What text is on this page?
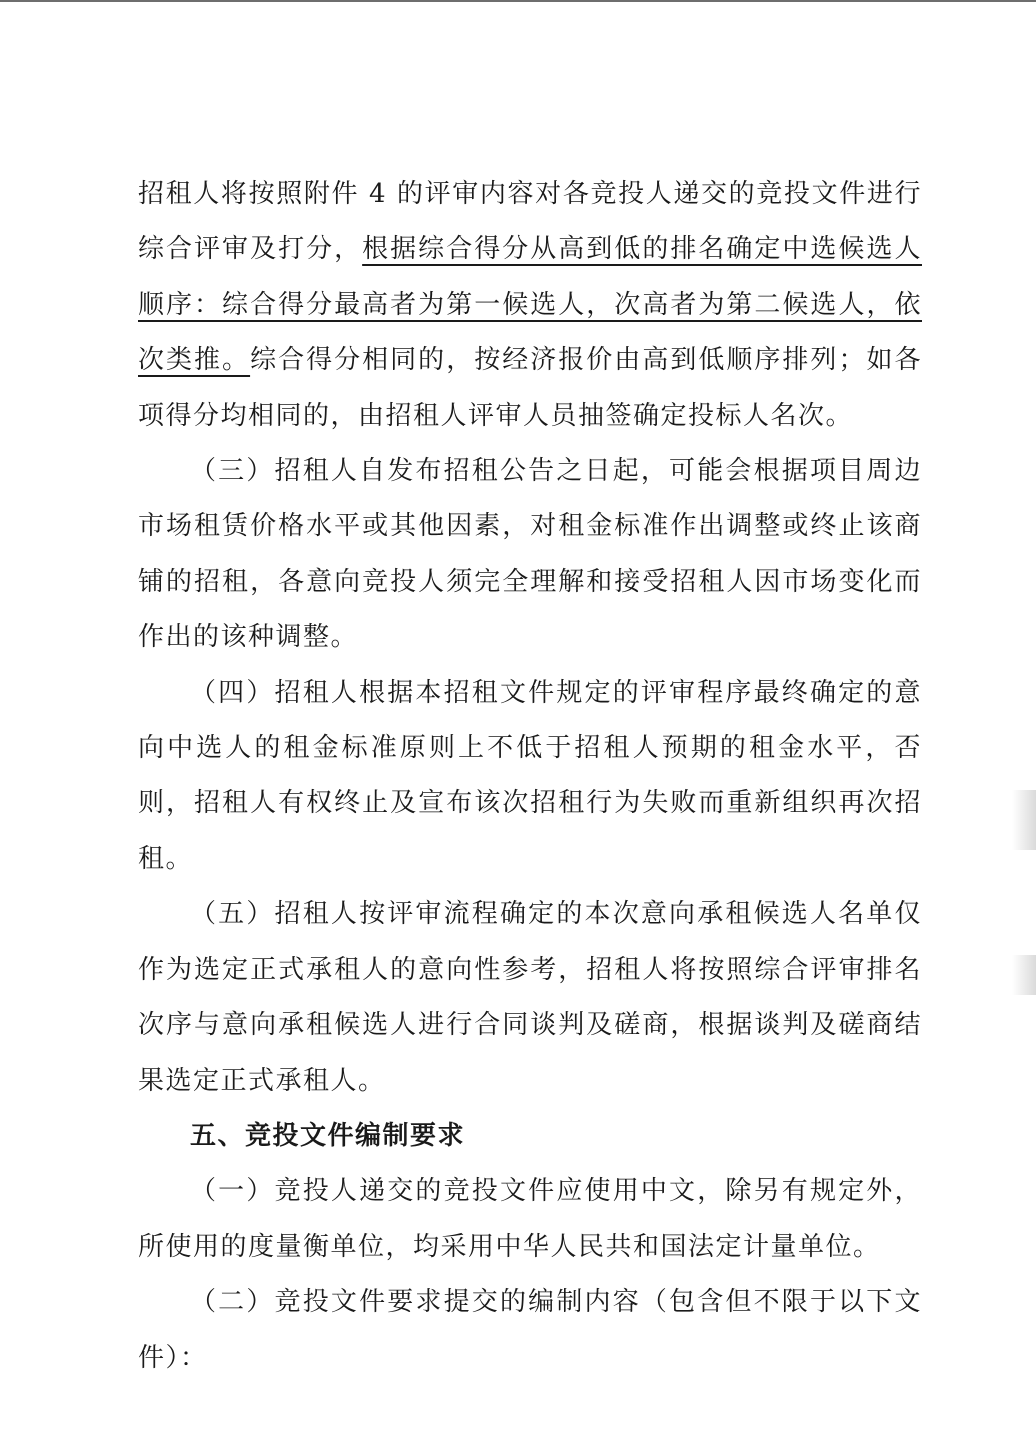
招租人将按照附件 4 的评审内容对各竞投人递交的竞投文件进行综合评审及打分，根据综合得分从高到低的排名确定中选候选人顺序：综合得分最高者为第一候选人，次高者为第二候选人，依次类推。综合得分相同的，按经济报价由高到低顺序排列；如各项得分均相同的，由招租人评审人员抽签确定投标人名次。

（三）招租人自发布招租公告之日起，可能会根据项目周边市场租赁价格水平或其他因素，对租金标准作出调整或终止该商铺的招租，各意向竞投人须完全理解和接受招租人因市场变化而作出的该种调整。

（四）招租人根据本招租文件规定的评审程序最终确定的意向中选人的租金标准原则上不低于招租人预期的租金水平，否则，招租人有权终止及宣布该次招租行为失败而重新组织再次招租。

（五）招租人按评审流程确定的本次意向承租候选人名单仅作为选定正式承租人的意向性参考，招租人将按照综合评审排名次序与意向承租候选人进行合同谈判及磋商，根据谈判及磋商结果选定正式承租人。

五、竞投文件编制要求

（一）竞投人递交的竞投文件应使用中文，除另有规定外，所使用的度量衡单位，均采用中华人民共和国法定计量单位。

（二）竞投文件要求提交的编制内容（包含但不限于以下文件）：
